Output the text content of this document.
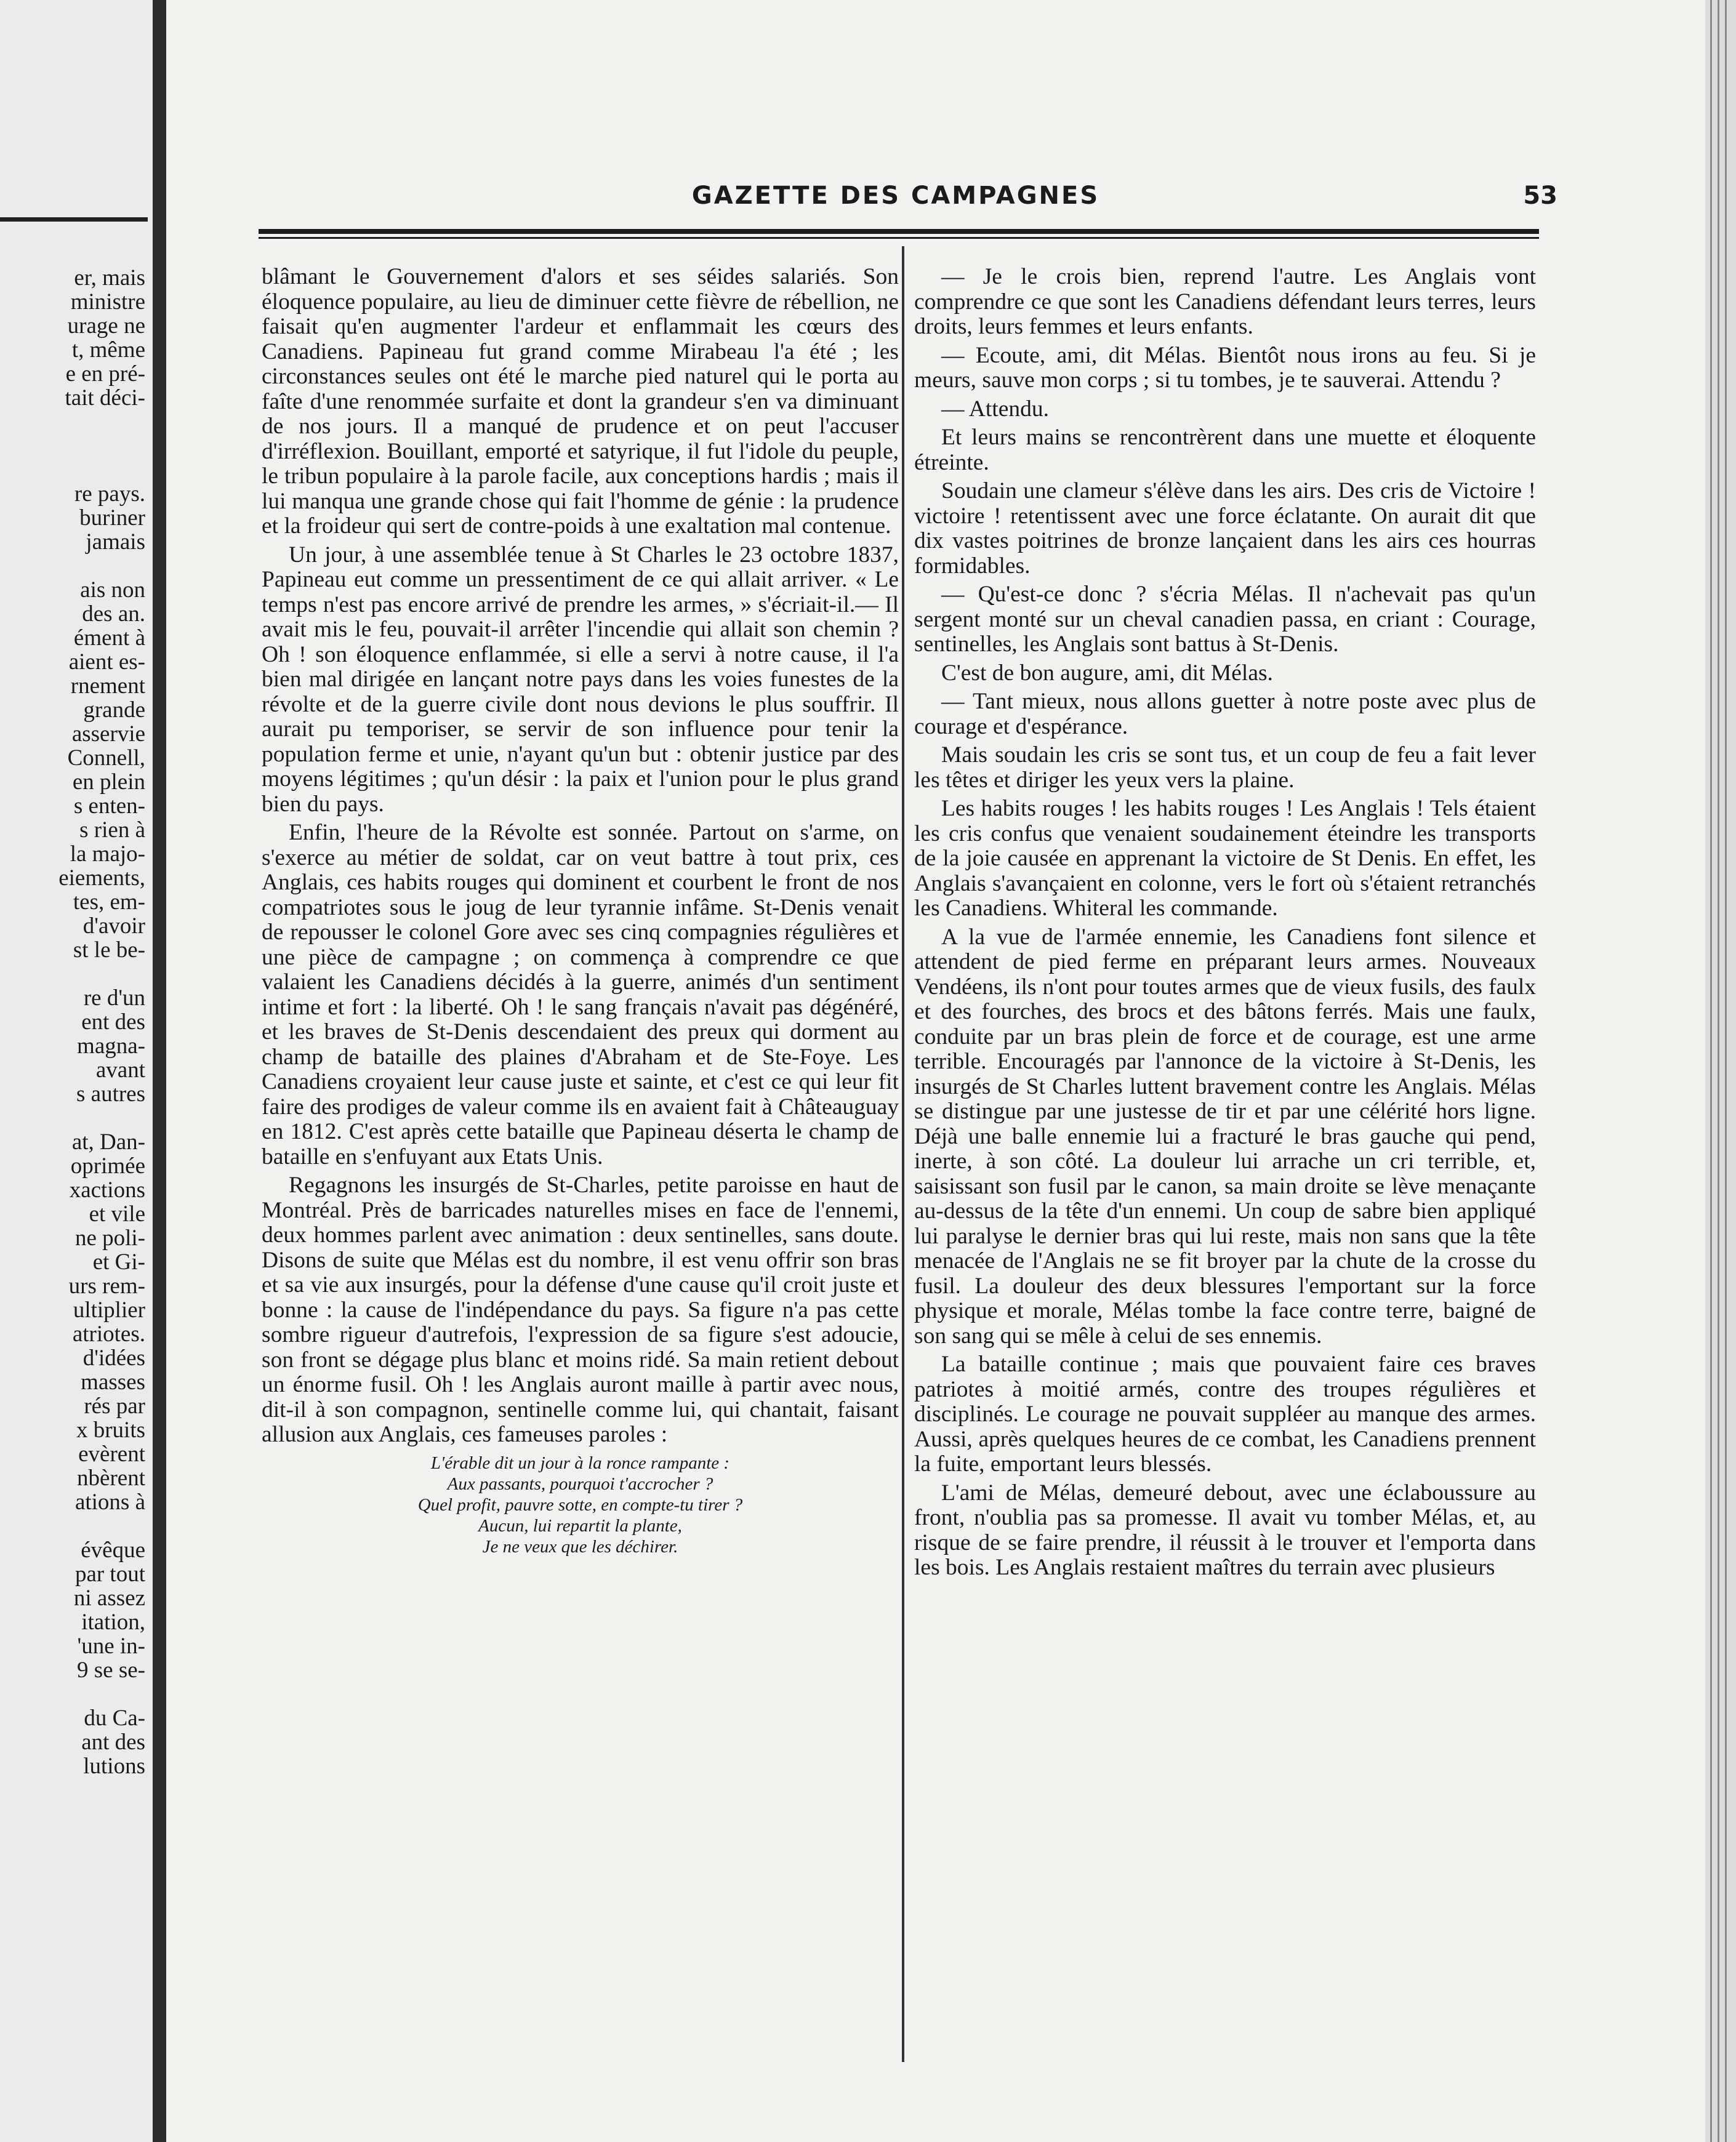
er, mais
ministre
urage ne
t, même
e en pré-
tait déci-
re pays.
buriner
jamais
ais non
des an.
ément à
aient es-
rnement
grande
asservie
Connell,
en plein
s enten-
s rien à
la majo-
eiements,
tes, em-
d'avoir
st le be-
re d'un
ent des
magna-
avant
s autres
at, Dan-
oprimée
xactions
et vile
ne poli-
et Gi-
urs rem-
ultiplier
atriotes.
d'idées
masses
rés par
x bruits
evèrent
nbèrent
ations à
évêque
par tout
ni assez
itation,
'une in-
9 se se-
du Ca-
ant des
lutions
GAZETTE DES CAMPAGNES	53

blâmant le Gouvernement d'alors et ses séides salariés. Son éloquence populaire, au lieu de diminuer cette fièvre de rébellion, ne faisait qu'en augmenter l'ardeur et enflammait les cœurs des Canadiens. Papineau fut grand comme Mirabeau l'a été ; les circonstances seules ont été le marche pied naturel qui le porta au faîte d'une renommée surfaite et dont la grandeur s'en va diminuant de nos jours. Il a manqué de prudence et on peut l'accuser d'irréflexion. Bouillant, emporté et satyrique, il fut l'idole du peuple, le tribun populaire à la parole facile, aux conceptions hardis ; mais il lui manqua une grande chose qui fait l'homme de génie : la prudence et la froideur qui sert de contre-poids à une exaltation mal contenue.

Un jour, à une assemblée tenue à St Charles le 23 octobre 1837, Papineau eut comme un pressentiment de ce qui allait arriver. « Le temps n'est pas encore arrivé de prendre les armes, » s'écriait-il.— Il avait mis le feu, pouvait-il arrêter l'incendie qui allait son chemin ? Oh ! son éloquence enflammée, si elle a servi à notre cause, il l'a bien mal dirigée en lançant notre pays dans les voies funestes de la révolte et de la guerre civile dont nous devions le plus souffrir. Il aurait pu temporiser, se servir de son influence pour tenir la population ferme et unie, n'ayant qu'un but : obtenir justice par des moyens légitimes ; qu'un désir : la paix et l'union pour le plus grand bien du pays.

Enfin, l'heure de la Révolte est sonnée. Partout on s'arme, on s'exerce au métier de soldat, car on veut battre à tout prix, ces Anglais, ces habits rouges qui dominent et courbent le front de nos compatriotes sous le joug de leur tyrannie infâme. St-Denis venait de repousser le colonel Gore avec ses cinq compagnies régulières et une pièce de campagne ; on commença à comprendre ce que valaient les Canadiens décidés à la guerre, animés d'un sentiment intime et fort : la liberté. Oh ! le sang français n'avait pas dégénéré, et les braves de St-Denis descendaient des preux qui dorment au champ de bataille des plaines d'Abraham et de Ste-Foye. Les Canadiens croyaient leur cause juste et sainte, et c'est ce qui leur fit faire des prodiges de valeur comme ils en avaient fait à Châteauguay en 1812. C'est après cette bataille que Papineau déserta le champ de bataille en s'enfuyant aux Etats Unis.

Regagnons les insurgés de St-Charles, petite paroisse en haut de Montréal. Près de barricades naturelles mises en face de l'ennemi, deux hommes parlent avec animation : deux sentinelles, sans doute. Disons de suite que Mélas est du nombre, il est venu offrir son bras et sa vie aux insurgés, pour la défense d'une cause qu'il croit juste et bonne : la cause de l'indépendance du pays. Sa figure n'a pas cette sombre rigueur d'autrefois, l'expression de sa figure s'est adoucie, son front se dégage plus blanc et moins ridé. Sa main retient debout un énorme fusil. Oh ! les Anglais auront maille à partir avec nous, dit-il à son compagnon, sentinelle comme lui, qui chantait, faisant allusion aux Anglais, ces fameuses paroles :

L'érable dit un jour à la ronce rampante :
Aux passants, pourquoi t'accrocher ?
Quel profit, pauvre sotte, en compte-tu tirer ?
Aucun, lui repartit la plante,
Je ne veux que les déchirer.

— Je le crois bien, reprend l'autre. Les Anglais vont comprendre ce que sont les Canadiens défendant leurs terres, leurs droits, leurs femmes et leurs enfants.

— Ecoute, ami, dit Mélas. Bientôt nous irons au feu. Si je meurs, sauve mon corps ; si tu tombes, je te sauverai. Attendu ?

— Attendu.

Et leurs mains se rencontrèrent dans une muette et éloquente étreinte.

Soudain une clameur s'élève dans les airs. Des cris de Victoire ! victoire ! retentissent avec une force éclatante. On aurait dit que dix vastes poitrines de bronze lançaient dans les airs ces hourras formidables.

— Qu'est-ce donc ? s'écria Mélas. Il n'achevait pas qu'un sergent monté sur un cheval canadien passa, en criant : Courage, sentinelles, les Anglais sont battus à St-Denis.

C'est de bon augure, ami, dit Mélas.

— Tant mieux, nous allons guetter à notre poste avec plus de courage et d'espérance.

Mais soudain les cris se sont tus, et un coup de feu a fait lever les têtes et diriger les yeux vers la plaine.

Les habits rouges ! les habits rouges ! Les Anglais ! Tels étaient les cris confus que venaient soudainement éteindre les transports de la joie causée en apprenant la victoire de St Denis. En effet, les Anglais s'avançaient en colonne, vers le fort où s'étaient retranchés les Canadiens. Whiteral les commande.

A la vue de l'armée ennemie, les Canadiens font silence et attendent de pied ferme en préparant leurs armes. Nouveaux Vendéens, ils n'ont pour toutes armes que de vieux fusils, des faulx et des fourches, des brocs et des bâtons ferrés. Mais une faulx, conduite par un bras plein de force et de courage, est une arme terrible. Encouragés par l'annonce de la victoire à St-Denis, les insurgés de St Charles luttent bravement contre les Anglais. Mélas se distingue par une justesse de tir et par une célérité hors ligne. Déjà une balle ennemie lui a fracturé le bras gauche qui pend, inerte, à son côté. La douleur lui arrache un cri terrible, et, saisissant son fusil par le canon, sa main droite se lève menaçante au-dessus de la tête d'un ennemi. Un coup de sabre bien appliqué lui paralyse le dernier bras qui lui reste, mais non sans que la tête menacée de l'Anglais ne se fit broyer par la chute de la crosse du fusil. La douleur des deux blessures l'emportant sur la force physique et morale, Mélas tombe la face contre terre, baigné de son sang qui se mêle à celui de ses ennemis.

La bataille continue ; mais que pouvaient faire ces braves patriotes à moitié armés, contre des troupes régulières et disciplinés. Le courage ne pouvait suppléer au manque des armes. Aussi, après quelques heures de ce combat, les Canadiens prennent la fuite, emportant leurs blessés.

L'ami de Mélas, demeuré debout, avec une éclaboussure au front, n'oublia pas sa promesse. Il avait vu tomber Mélas, et, au risque de se faire prendre, il réussit à le trouver et l'emporta dans les bois. Les Anglais restaient maîtres du terrain avec plusieurs
